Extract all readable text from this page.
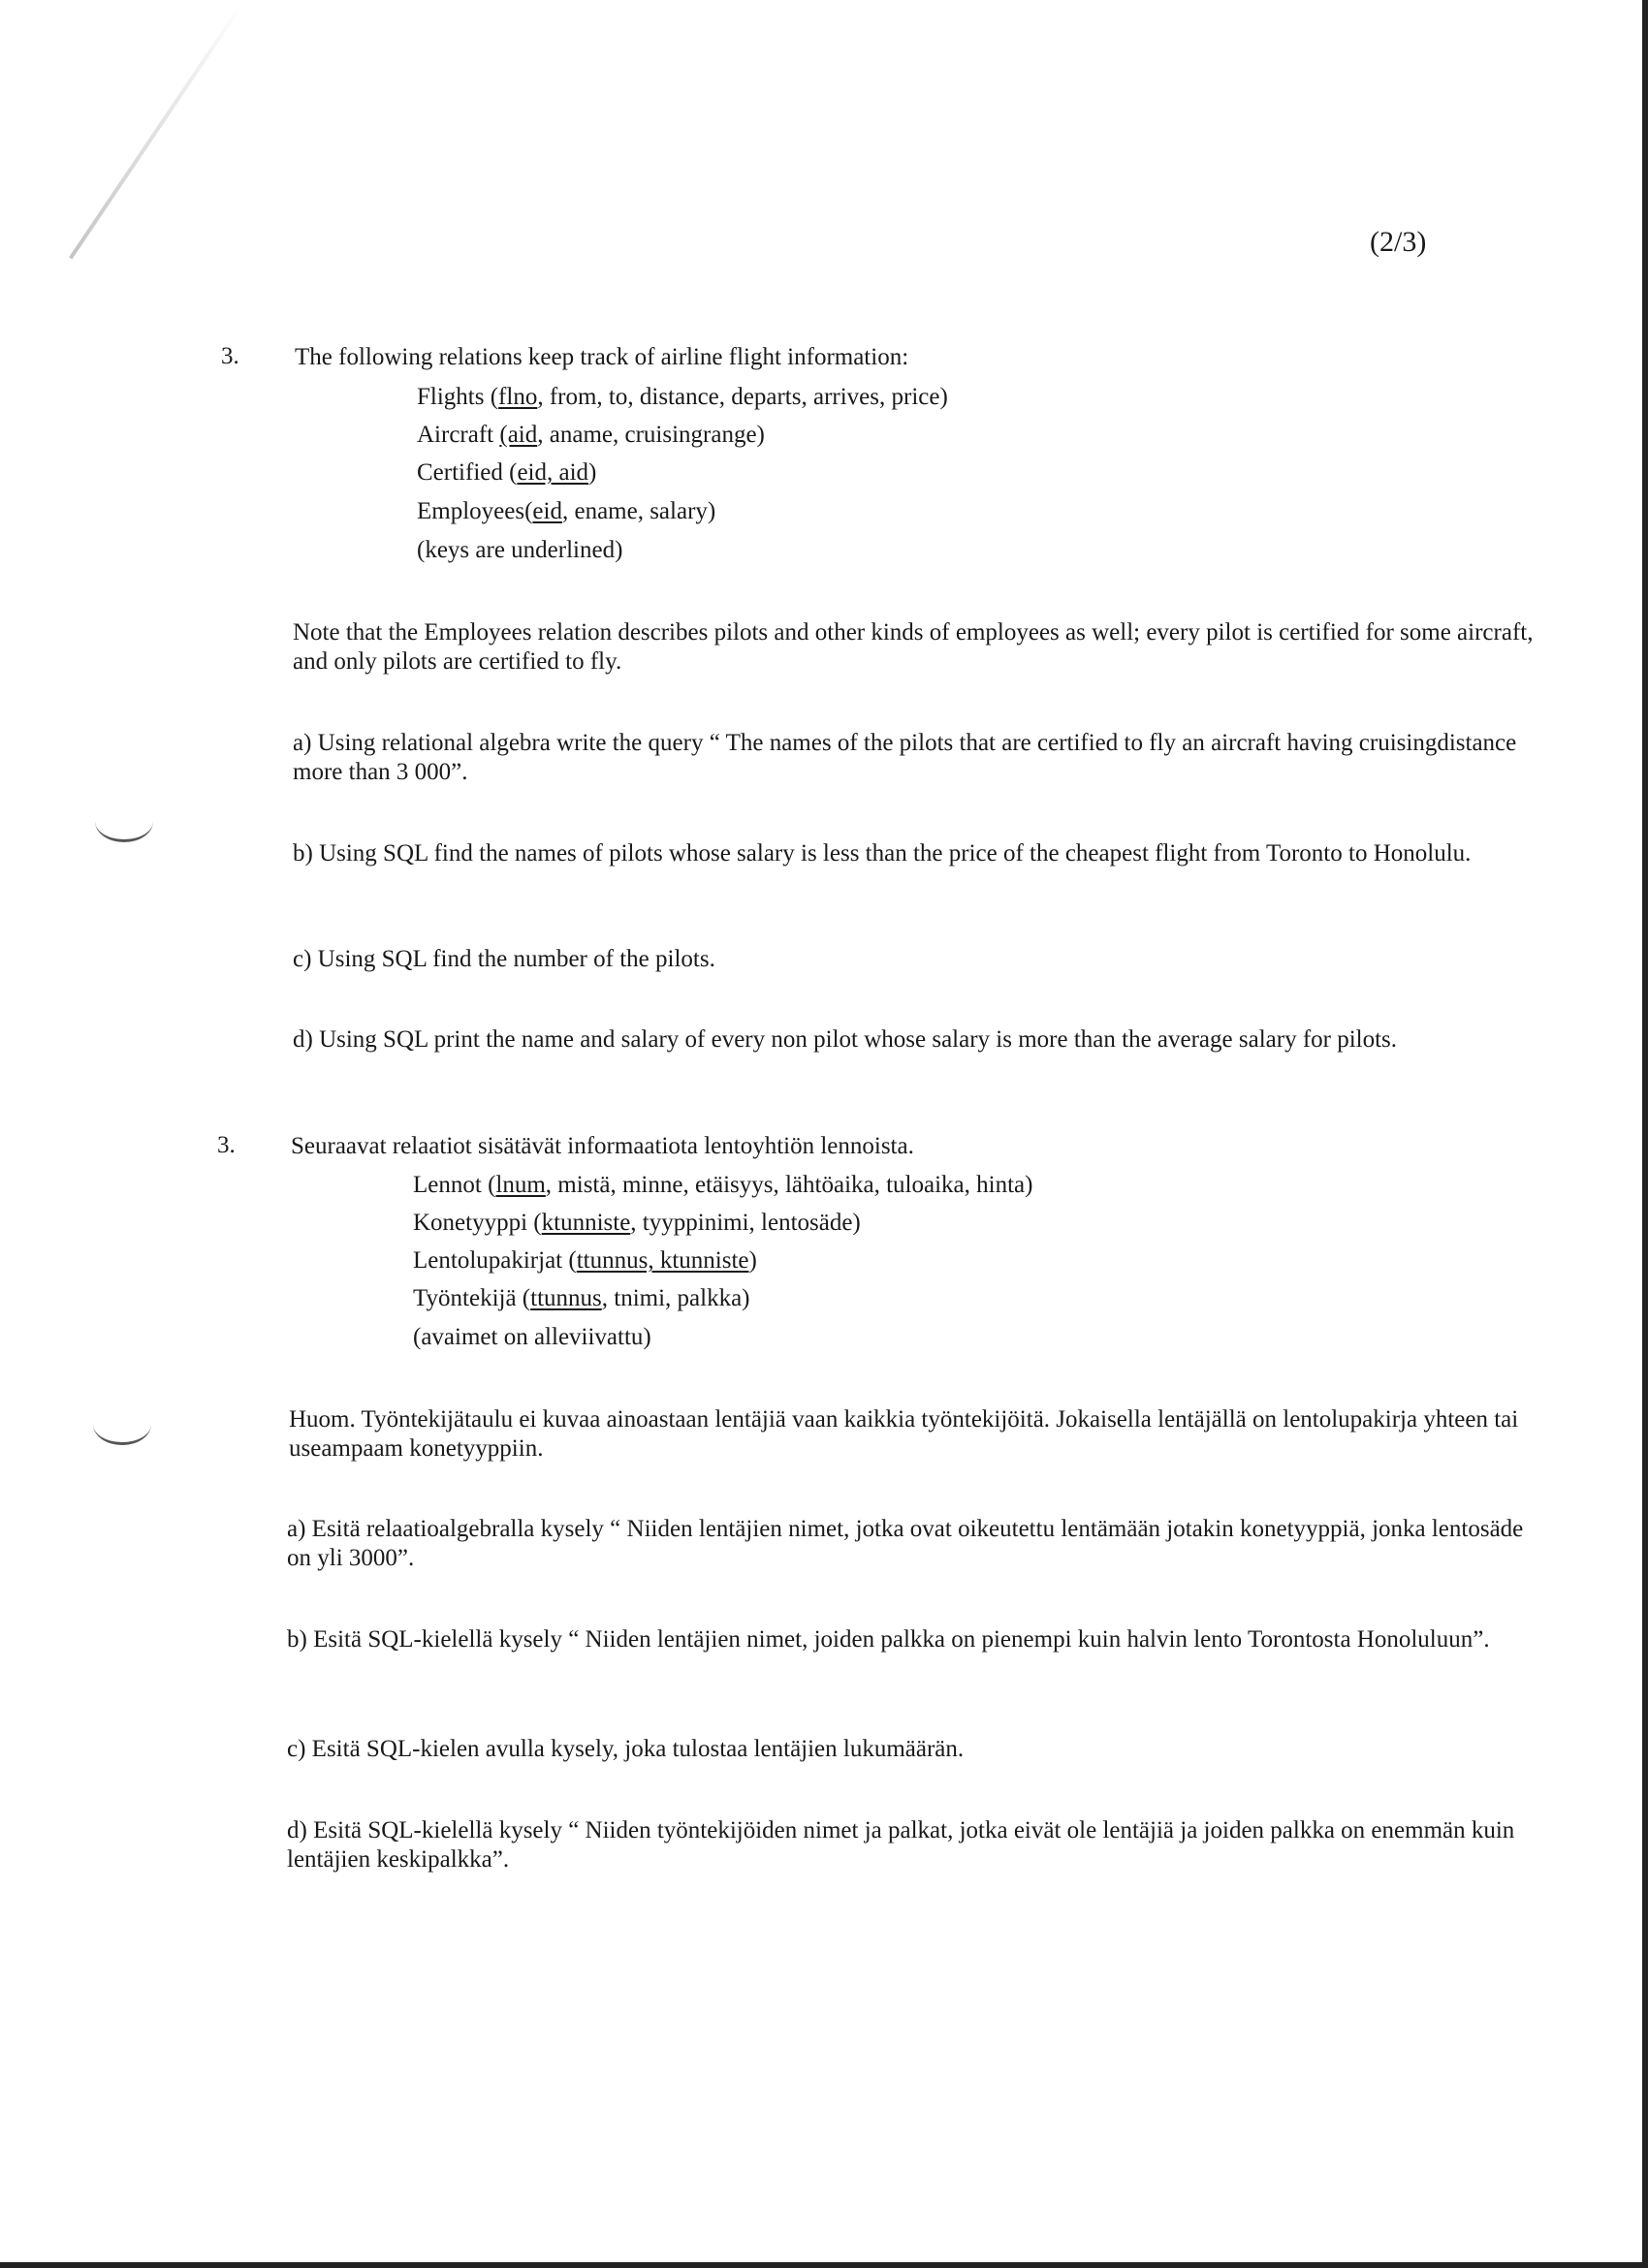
(2/3)
3. The following relations keep track of airline flight information:
Flights (flno, from, to, distance, departs, arrives, price)
Aircraft (aid, aname, cruisingrange)
Certified (eid, aid)
Employees(eid, ename, salary)
(keys are underlined)
Note that the Employees relation describes pilots and other kinds of employees as well; every pilot is certified for some aircraft, and only pilots are certified to fly.
a) Using relational algebra write the query “ The names of the pilots that are certified to fly an aircraft having cruisingdistance more than 3 000”.
b) Using SQL find the names of pilots whose salary is less than the price of the cheapest flight from Toronto to Honolulu.
c) Using SQL find the number of the pilots.
d) Using SQL print the name and salary of every non pilot whose salary is more than the average salary for pilots.
3. Seuraavat relaatiot sisätävät informaatiota lentoyhtiön lennoista.
Lennot (lnum, mistä, minne, etäisyys, lähtöaika, tuloaika, hinta)
Konetyyppi (ktunniste, tyyppinimi, lentosäde)
Lentolupakirjat (ttunnus, ktunniste)
Työntekijä (ttunnus, tnimi, palkka)
(avaimet on alleviivattu)
Huom. Työntekijätaulu ei kuvaa ainoastaan lentäjiä vaan kaikkia työntekijöitä. Jokaisella lentäjällä on lentolupakirja yhteen tai useampaam konetyyppiin.
a) Esitä relaatioalgebralla kysely “ Niiden lentäjien nimet, jotka ovat oikeutettu lentämään jotakin konetyyppiä, jonka lentosäde on yli 3000”.
b) Esitä SQL-kielellä kysely “ Niiden lentäjien nimet, joiden palkka on pienempi kuin halvin lento Torontosta Honoluluun”.
c) Esitä SQL-kielen avulla kysely, joka tulostaa lentäjien lukumäärän.
d) Esitä SQL-kielellä kysely “ Niiden työntekijöiden nimet ja palkat, jotka eivät ole lentäjiä ja joiden palkka on enemmän kuin lentäjien keskipalkka”.
